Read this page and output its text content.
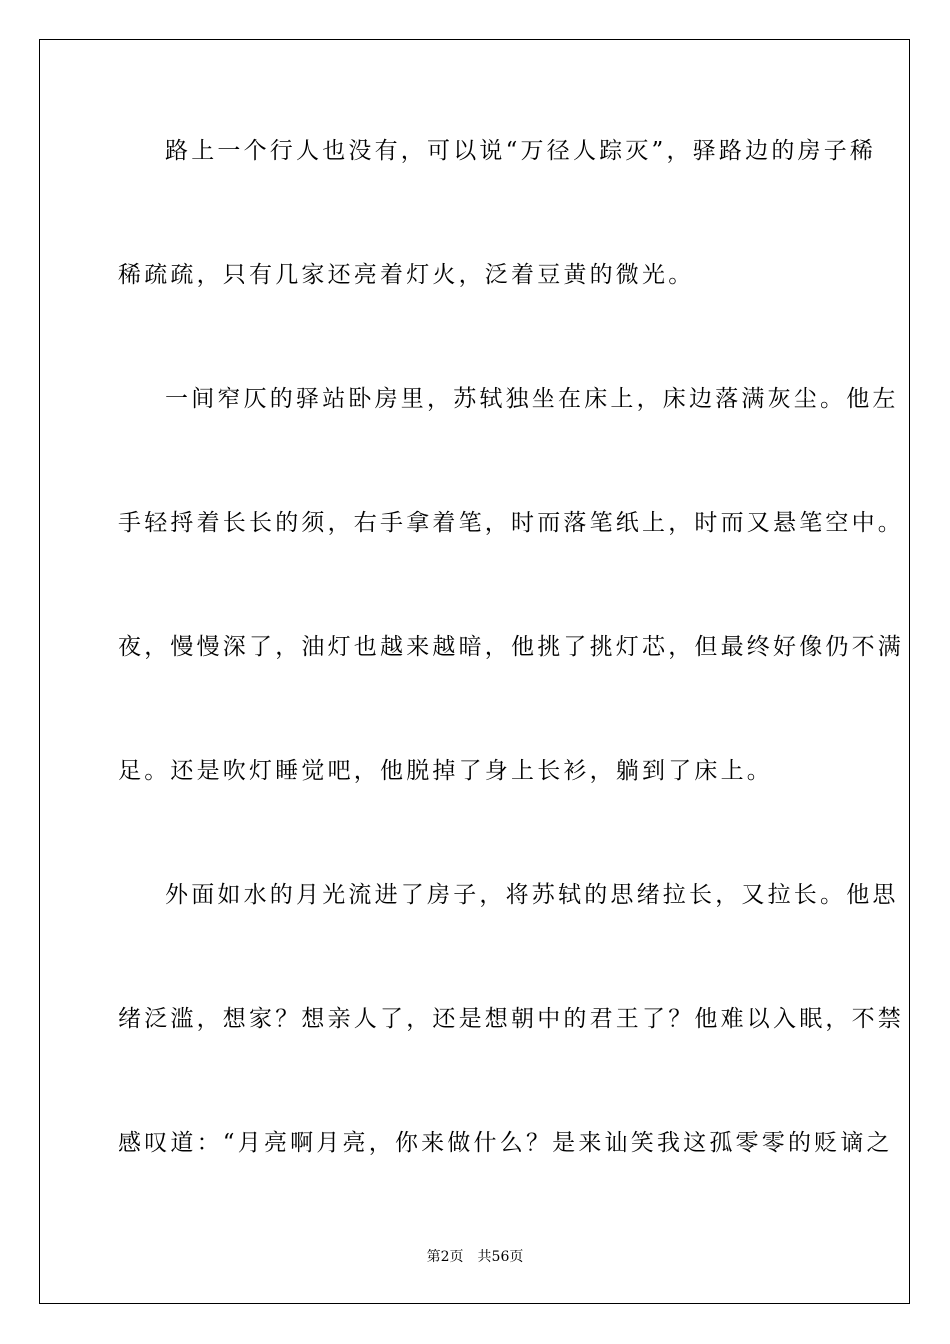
路上一个行人也没有，可以说“万径人踪灭”，驿路边的房子稀
稀疏疏，只有几家还亮着灯火，泛着豆黄的微光。
一间窄仄的驿站卧房里，苏轼独坐在床上，床边落满灰尘。他左
手轻捋着长长的须，右手拿着笔，时而落笔纸上，时而又悬笔空中。
夜，慢慢深了，油灯也越来越暗，他挑了挑灯芯，但最终好像仍不满
足。还是吹灯睡觉吧，他脱掉了身上长衫，躺到了床上。
外面如水的月光流进了房子，将苏轼的思绪拉长，又拉长。他思
绪泛滥，想家？想亲人了，还是想朝中的君王了？他难以入眠，不禁
感叹道：“月亮啊月亮，你来做什么？是来讪笑我这孤零零的贬谪之
第2页 共56页
